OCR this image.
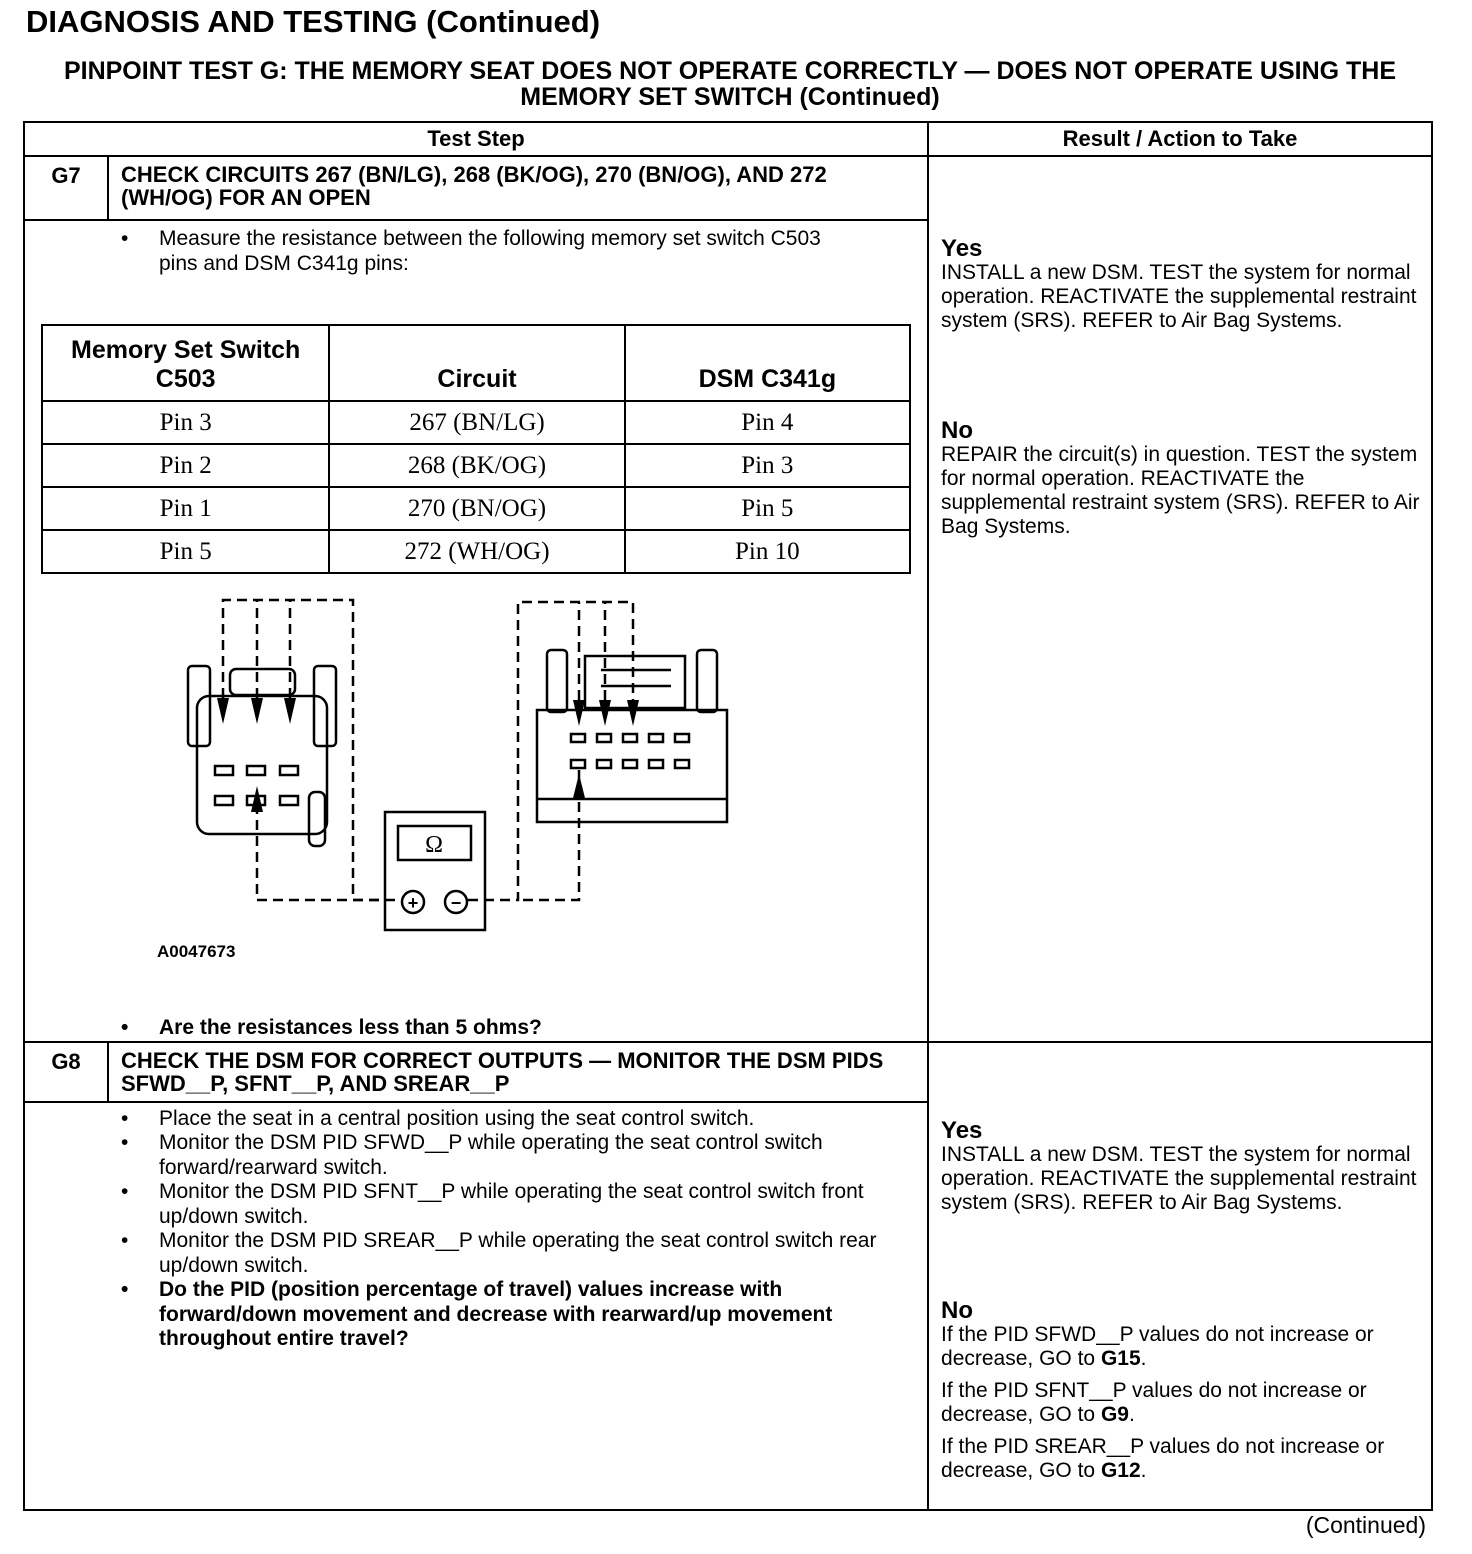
DIAGNOSIS AND TESTING (Continued)
PINPOINT TEST G: THE MEMORY SEAT DOES NOT OPERATE CORRECTLY — DOES NOT OPERATE USING THE MEMORY SET SWITCH (Continued)
Test Step	Result / Action to Take
G7	CHECK CIRCUITS 267 (BN/LG), 268 (BK/OG), 270 (BN/OG), AND 272 (WH/OG) FOR AN OPEN	

Yes

INSTALL a new DSM. TEST the system for normal operation. REACTIVATE the supplemental restraint system (SRS). REFER to Air Bag Systems.

No

REPAIR the circuit(s) in question. TEST the system for normal operation. REACTIVATE the supplemental restraint system (SRS). REFER to Air Bag Systems.

• Measure the resistance between the following memory set switch C503 pins and DSM C341g pins:
Memory Set Switch C503	Circuit	DSM C341g
Pin 3	267 (BN/LG)	Pin 4
Pin 2	268 (BK/OG)	Pin 3
Pin 1	270 (BN/OG)	Pin 5
Pin 5	272 (WH/OG)	Pin 10
Ω
+ −
A0047673
• Are the resistances less than 5 ohms?

G8	CHECK THE DSM FOR CORRECT OUTPUTS — MONITOR THE DSM PIDS SFWD__P, SFNT__P, AND SREAR__P	

Yes

INSTALL a new DSM. TEST the system for normal operation. REACTIVATE the supplemental restraint system (SRS). REFER to Air Bag Systems.

No

If the PID SFWD__P values do not increase or decrease, GO to G15.

If the PID SFNT__P values do not increase or decrease, GO to G9.

If the PID SREAR__P values do not increase or decrease, GO to G12.

• Place the seat in a central position using the seat control switch.
• Monitor the DSM PID SFWD__P while operating the seat control switch forward/rearward switch.
• Monitor the DSM PID SFNT__P while operating the seat control switch front up/down switch.
• Monitor the DSM PID SREAR__P while operating the seat control switch rear up/down switch.
• Do the PID (position percentage of travel) values increase with forward/down movement and decrease with rearward/up movement throughout entire travel?
(Continued)
